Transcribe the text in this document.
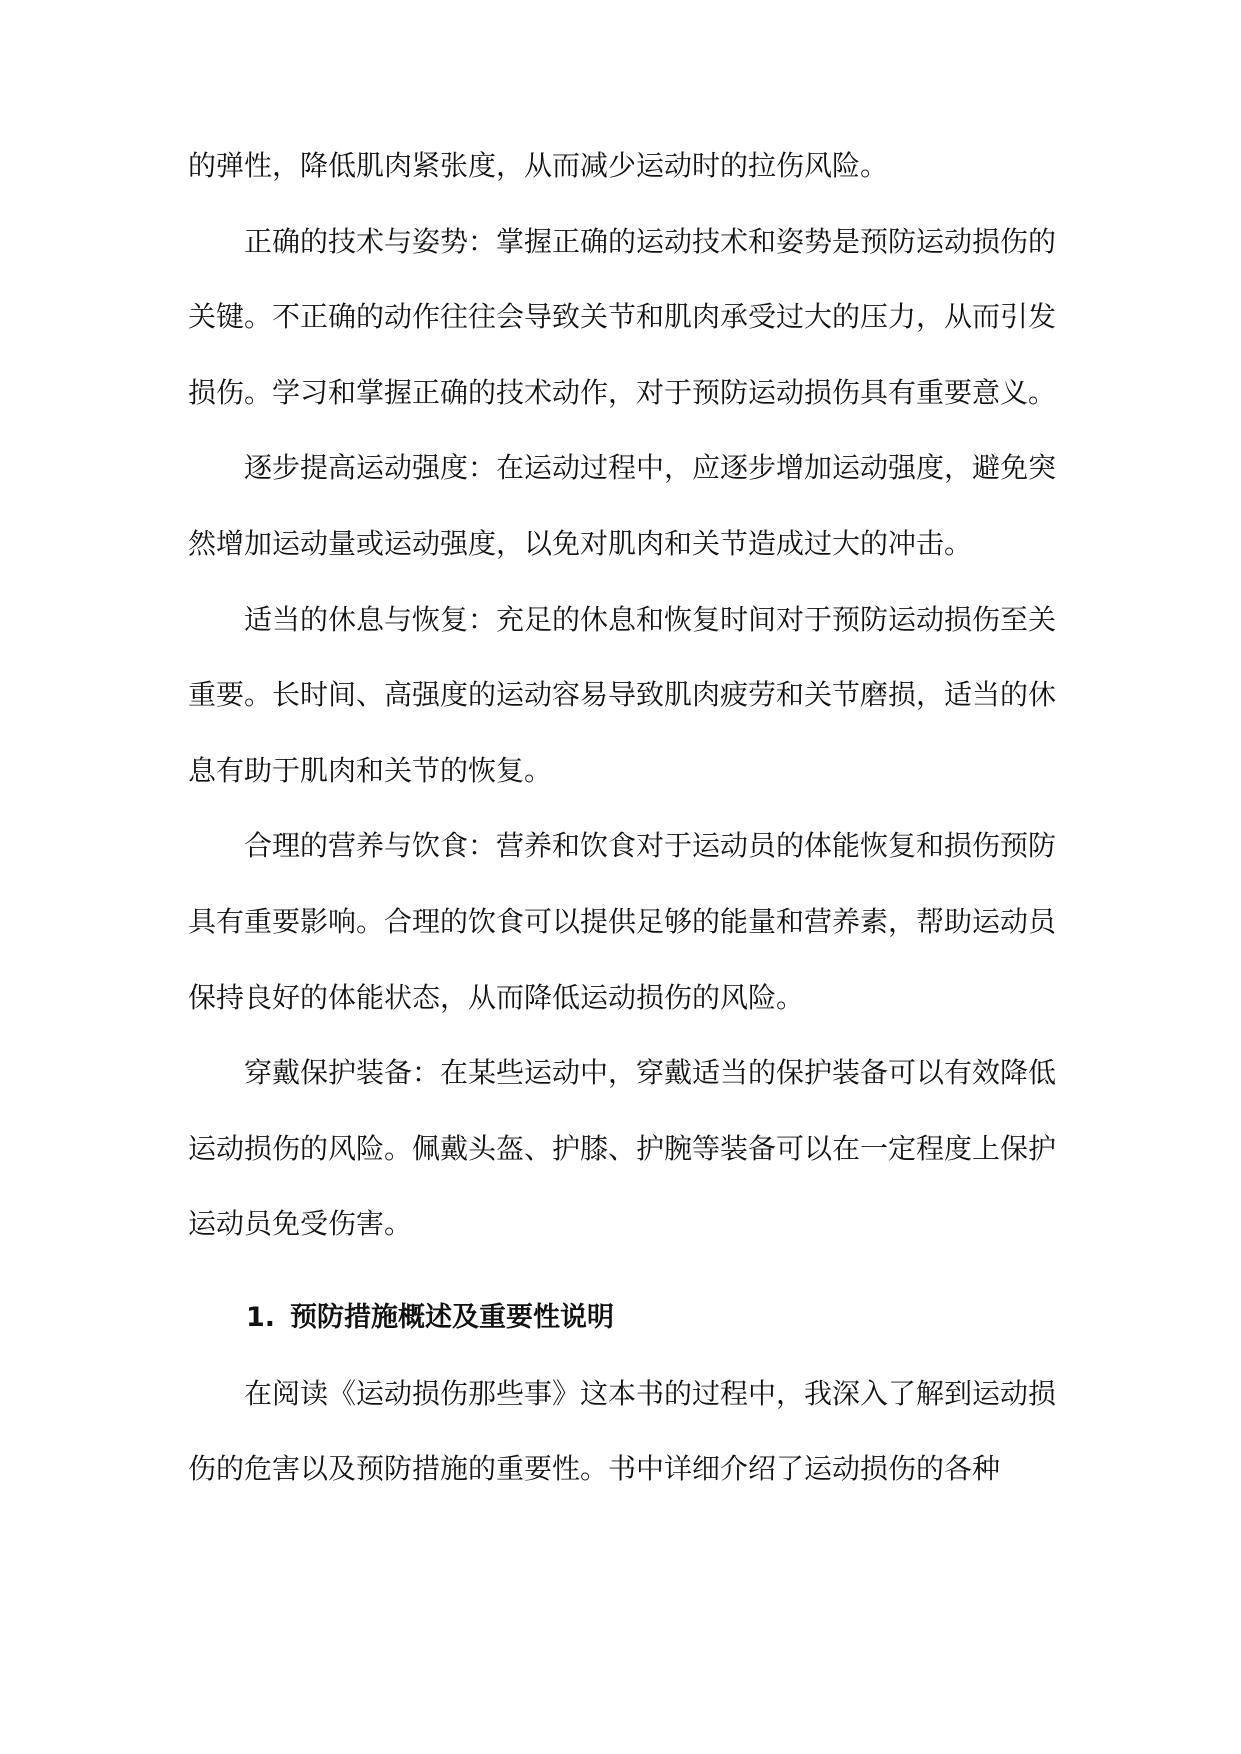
的弹性，降低肌肉紧张度，从而减少运动时的拉伤风险。

正确的技术与姿势：掌握正确的运动技术和姿势是预防运动损伤的关键。不正确的动作往往会导致关节和肌肉承受过大的压力，从而引发损伤。学习和掌握正确的技术动作，对于预防运动损伤具有重要意义。

逐步提高运动强度：在运动过程中，应逐步增加运动强度，避免突然增加运动量或运动强度，以免对肌肉和关节造成过大的冲击。

适当的休息与恢复：充足的休息和恢复时间对于预防运动损伤至关重要。长时间、高强度的运动容易导致肌肉疲劳和关节磨损，适当的休息有助于肌肉和关节的恢复。

合理的营养与饮食：营养和饮食对于运动员的体能恢复和损伤预防具有重要影响。合理的饮食可以提供足够的能量和营养素，帮助运动员保持良好的体能状态，从而降低运动损伤的风险。

穿戴保护装备：在某些运动中，穿戴适当的保护装备可以有效降低运动损伤的风险。佩戴头盔、护膝、护腕等装备可以在一定程度上保护运动员免受伤害。

1. 预防措施概述及重要性说明

在阅读《运动损伤那些事》这本书的过程中，我深入了解到运动损伤的危害以及预防措施的重要性。书中详细介绍了运动损伤的各种
